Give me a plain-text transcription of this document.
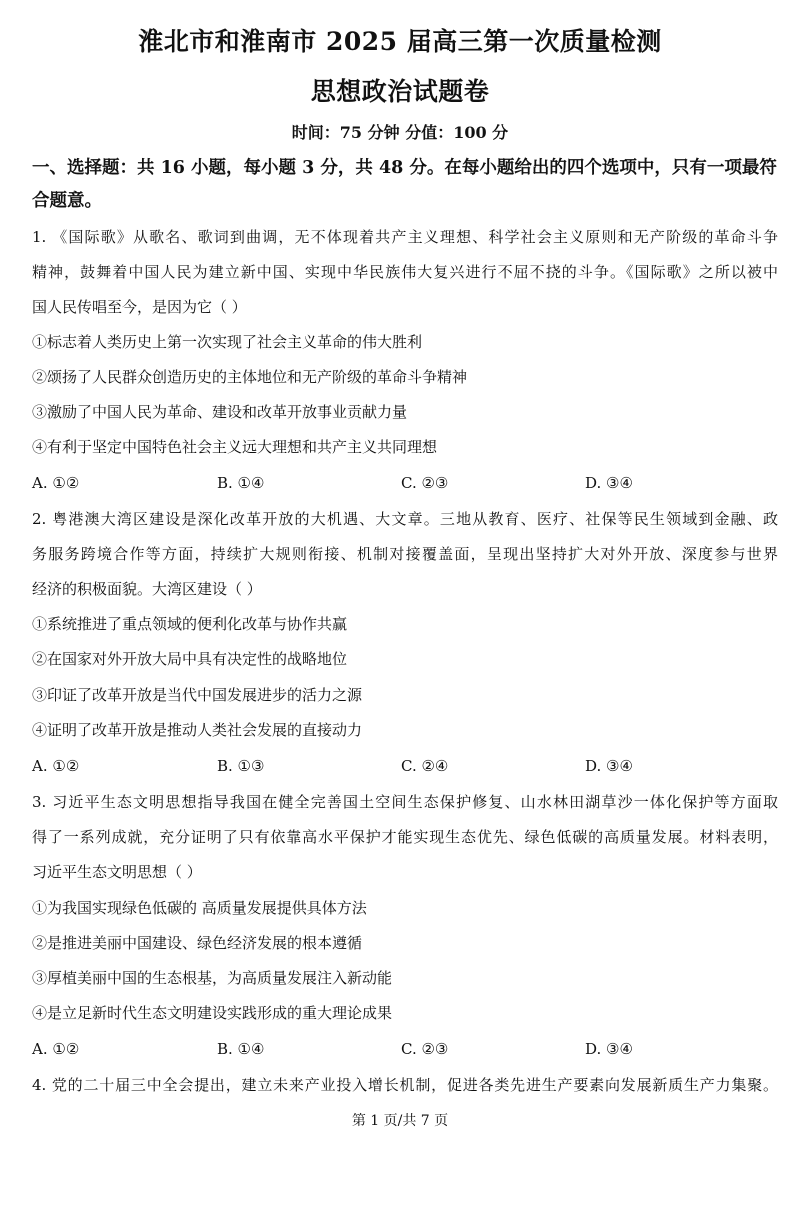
淮北市和淮南市 2025 届高三第一次质量检测
思想政治试题卷
时间：75 分钟 分值：100 分
一、选择题：共 16 小题，每小题 3 分，共 48 分。在每小题给出的四个选项中，只有一项最符合题意。
1. 《国际歌》从歌名、歌词到曲调，无不体现着共产主义理想、科学社会主义原则和无产阶级的革命斗争
精神，鼓舞着中国人民为建立新中国、实现中华民族伟大复兴进行不屈不挠的斗争。《国际歌》之所以被中
国人民传唱至今，是因为它（ ）
①标志着人类历史上第一次实现了社会主义革命的伟大胜利
②颂扬了人民群众创造历史的主体地位和无产阶级的革命斗争精神
③激励了中国人民为革命、建设和改革开放事业贡献力量
④有利于坚定中国特色社会主义远大理想和共产主义共同理想
A. ①②	B. ①④	C. ②③	D. ③④
2. 粤港澳大湾区建设是深化改革开放的大机遇、大文章。三地从教育、医疗、社保等民生领域到金融、政
务服务跨境合作等方面，持续扩大规则衔接、机制对接覆盖面，呈现出坚持扩大对外开放、深度参与世界
经济的积极面貌。大湾区建设（ ）
①系统推进了重点领域的便利化改革与协作共赢
②在国家对外开放大局中具有决定性的战略地位
③印证了改革开放是当代中国发展进步的活力之源
④证明了改革开放是推动人类社会发展的直接动力
A. ①②	B. ①③	C. ②④	D. ③④
3. 习近平生态文明思想指导我国在健全完善国土空间生态保护修复、山水林田湖草沙一体化保护等方面取
得了一系列成就，充分证明了只有依靠高水平保护才能实现生态优先、绿色低碳的高质量发展。材料表明，
习近平生态文明思想（ ）
①为我国实现绿色低碳的 高质量发展提供具体方法
②是推进美丽中国建设、绿色经济发展的根本遵循
③厚植美丽中国的生态根基，为高质量发展注入新动能
④是立足新时代生态文明建设实践形成的重大理论成果
A. ①②	B. ①④	C. ②③	D. ③④
4. 党的二十届三中全会提出，建立未来产业投入增长机制，促进各类先进生产要素向发展新质生产力集聚。
第 1 页/共 7 页
